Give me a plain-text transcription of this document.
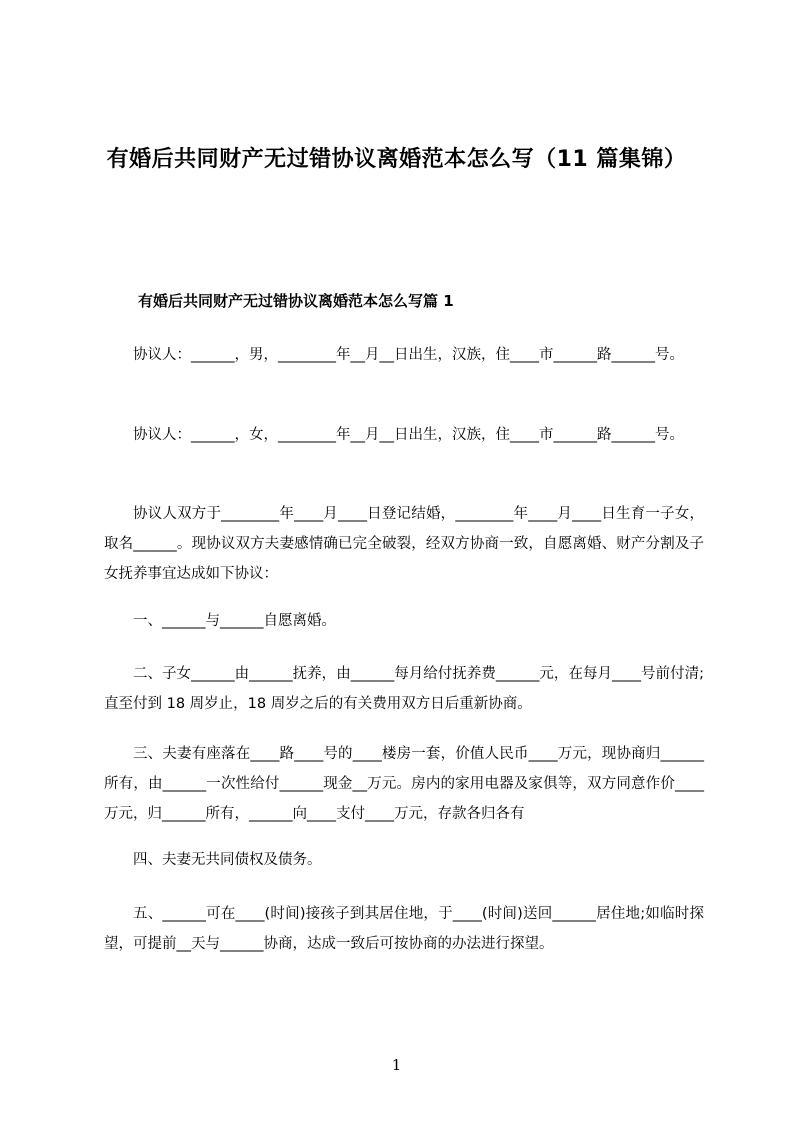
有婚后共同财产无过错协议离婚范本怎么写（11 篇集锦）
有婚后共同财产无过错协议离婚范本怎么写篇 1

协议人：______，男，________年__月__日出生，汉族，住____市______路______号。

协议人：______，女，________年__月__日出生，汉族，住____市______路______号。

协议人双方于________年____月____日登记结婚，________年____月____日生育一子女，取名______。现协议双方夫妻感情确已完全破裂，经双方协商一致，自愿离婚、财产分割及子女抚养事宜达成如下协议：

一、______与______自愿离婚。

二、子女______由______抚养，由______每月给付抚养费______元，在每月____号前付清;直至付到 18 周岁止，18 周岁之后的有关费用双方日后重新协商。

三、夫妻有座落在____路____号的____楼房一套，价值人民币____万元，现协商归______所有，由______一次性给付______现金__万元。房内的家用电器及家俱等，双方同意作价____万元，归______所有，______向____支付____万元，存款各归各有

四、夫妻无共同债权及债务。

五、______可在____(时间)接孩子到其居住地，于____(时间)送回______居住地;如临时探望，可提前__天与______协商，达成一致后可按协商的办法进行探望。

1
